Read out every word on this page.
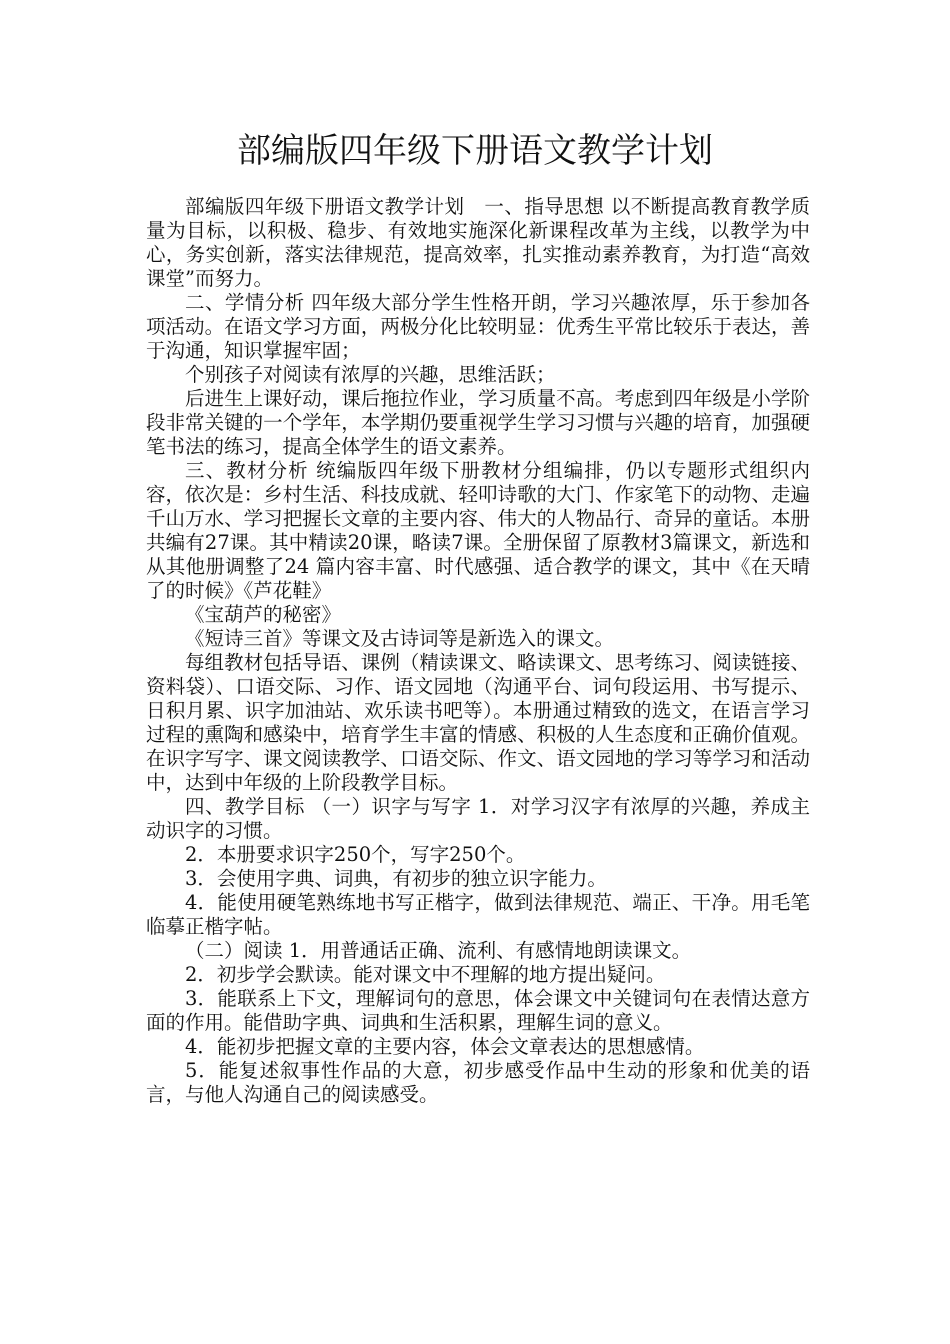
部编版四年级下册语文教学计划

部编版四年级下册语文教学计划　一、指导思想 以不断提高教育教学质量为目标，以积极、稳步、有效地实施深化新课程改革为主线，以教学为中心，务实创新，落实法律规范，提高效率，扎实推动素养教育，为打造“高效课堂”而努力。

二、学情分析 四年级大部分学生性格开朗，学习兴趣浓厚，乐于参加各项活动。在语文学习方面，两极分化比较明显：优秀生平常比较乐于表达，善于沟通，知识掌握牢固；

个别孩子对阅读有浓厚的兴趣，思维活跃；

后进生上课好动，课后拖拉作业，学习质量不高。考虑到四年级是小学阶段非常关键的一个学年，本学期仍要重视学生学习习惯与兴趣的培育，加强硬笔书法的练习，提高全体学生的语文素养。

三、教材分析 统编版四年级下册教材分组编排，仍以专题形式组织内容，依次是：乡村生活、科技成就、轻叩诗歌的大门、作家笔下的动物、走遍千山万水、学习把握长文章的主要内容、伟大的人物品行、奇异的童话。本册共编有27课。其中精读20课，略读7课。全册保留了原教材3篇课文，新选和从其他册调整了24 篇内容丰富、时代感强、适合教学的课文，其中《在天晴了的时候》《芦花鞋》

《宝葫芦的秘密》

《短诗三首》等课文及古诗词等是新选入的课文。

每组教材包括导语、课例（精读课文、略读课文、思考练习、阅读链接、资料袋）、口语交际、习作、语文园地（沟通平台、词句段运用、书写提示、日积月累、识字加油站、欢乐读书吧等）。本册通过精致的选文，在语言学习过程的熏陶和感染中，培育学生丰富的情感、积极的人生态度和正确价值观。在识字写字、课文阅读教学、口语交际、作文、语文园地的学习等学习和活动中，达到中年级的上阶段教学目标。

四、教学目标 （一）识字与写字 1．对学习汉字有浓厚的兴趣，养成主动识字的习惯。

2．本册要求识字250个，写字250个。

3．会使用字典、词典，有初步的独立识字能力。

4．能使用硬笔熟练地书写正楷字，做到法律规范、端正、干净。用毛笔临摹正楷字帖。

（二）阅读 1．用普通话正确、流利、有感情地朗读课文。

2．初步学会默读。能对课文中不理解的地方提出疑问。

3．能联系上下文，理解词句的意思，体会课文中关键词句在表情达意方面的作用。能借助字典、词典和生活积累，理解生词的意义。

4．能初步把握文章的主要内容，体会文章表达的思想感情。

5．能复述叙事性作品的大意，初步感受作品中生动的形象和优美的语言，与他人沟通自己的阅读感受。
